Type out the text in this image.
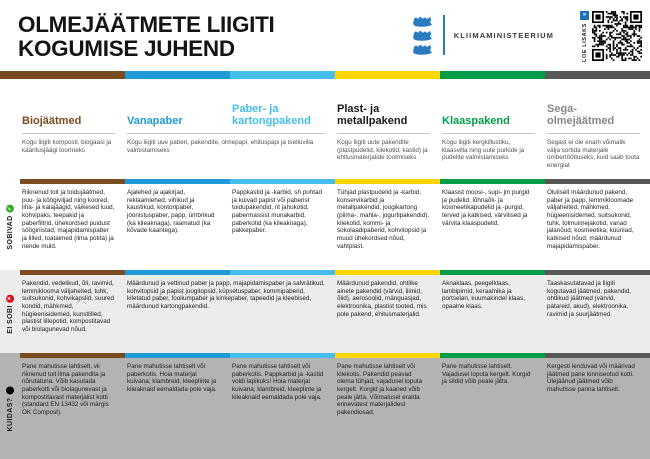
OLMEJÄÄTMETE LIIGITI
KOGUMISE JUHEND
KLIIMAMINISTEERIUM
»
LOE LISAKS
Biojäätmed	Vanapaber
Paber- ja kartongpakend
Plast- ja metallpakend	Klaaspakend
Sega- olmejäätmed
Kogu liigiti komposti, biogaasi ja kääritusjäägi toormeks
Kogu liigiti uue paberi, pakendite, olmepapi, ehituspapi ja tselluvilla valmistamiseks
Kogu liigiti uute pakendite (plastpudelid, kilekotid, kastid) ja ehitusmaterjalide tootmiseks
Kogu liigiti kergkillustiku, klaasvilla ning uute purkide ja pudelite valmistamiseks
Segast ei ole enam võimalik välja sortida materjale ümbertöötluseks, kuid saab toota energiat
SOBIVAD
✓
Riknenud toit ja toidujäätmed, puu- ja köögiviljad ning koored, liha- ja kalajäägid, väikesed luud, kohvipaks, teepakid ja paberfiltrid, ühekordsed puidust söögiriistad, majapidamispaber ja lilled, toataimed (ilma potita) ja nende muld.
Ajalehed ja ajakirjad, reklaamlehed, vihikud ja kaustikud, kontoripaber, joonistuspaber, papp, ümbrikud (ka kileaknaga), raamatud (ka kõvade kaantega).
Pappkastid ja -karbid, sh puhtad ja kuivad papist või paberist toidupakendid, nt jahukotid, pabermassist munakarbid, paberkotid (ka kileaknaga), pakkepaber.
Tühjad plastpudelid ja -karbid, konservikarbid ja metallpakendid, joogikartong (piima-, mahla-, jogurtipakendid), kilekotid, kommi- ja šokolaadipaberid, kohvitopsid ja muud ühekordsed nõud, vahtplast.
Klaasist moosi-, supi- jm purgid ja pudelid, lõhnaõli- ja kosmeetikapudelid ja -purgid, terved ja katkised, värvilised ja värvita klaaspudelid.
Oluliselt määrdunud pakend, paber ja papp, lemmikloomade väljaheited, mähkmed, hügieenisidemed, suitsukonid, tuhk, tolmuimejakotid, vanad jalanõud, kosmeetika, küünlad, katkised nõud, määrdunud majapidamispaber.
EI SOBI
✕
Pakendid, vedelikud, õli, ravimid, lemmiklooma väljaheited, tuhk, suitsukonid, kohvikapslid, suured kondid, mähkmed, hügieenisidemed, kunstlilled, plastist lillepotid, kompostitavad või biolagunevad nõud.
Määrdunud ja vettinud paber ja papp, majapidamispaber ja salvrätikud, kohvitopsid ja papist joogitopsid, küpsetuspaber, kommipaberid, kiletatud paber, fooliumpaber ja kinkepaber, tapeedid ja kleebised, määrdunud kartongpakendid.
Määrdunud pakendid, ohtlike ainete pakendid (värvid, liimid, õlid), aerosoolid, mänguasjad, elektroonika, plastist tooted, mis pole pakend, ehitusmaterjalid.
Aknaklaas, peegelklaas, lambipirnid, keraamika ja portselan, kuumakindel klaas, opaalne klaas.
Taaskasutatavad ja liigiti kogutavad jäätmed, pakendid, ohtlikud jäätmed (värvid, patareid, akud), elektroonika, ravimid ja suurjäätmed.
KUIDAS?
Pane mahutisse lahtiselt, vii riknenud toit ilma pakendita ja nõrutatuna. Võib kasutada paberkotti või biolagunevast ja kompostitavast materjalist kotti (standard EN 13432 või märgis OK Compost).
Pane mahutisse lahtiselt või paberkotis. Hoia materjal kuivana; klambreid, kleeplinte ja kileaknaid eemaldada pole vaja.
Pane mahutisse lahtiselt või paberkotis. Pappkarbid ja -kastid voldi lapikuks! Hoia materjal kuivana; klambreid, kleeplinte ja kileaknaid eemaldada pole vaja.
Pane mahutisse lahtiselt või kilekotis. Pakendid peavad olema tühjad, vajadusel loputa kergelt. Korgid ja kaaned võib peale jätta. Võimalusel eralda erinevatest materjalidest pakendiosad.
Pane mahutisse lahtiselt. Vajadusel loputa kergelt. Korgid ja sildid võib peale jätta.
Kergesti lenduvad või määrivad jäätmed pane kinniseotud kotti. Ülejäänud jäätmed võib mahutisse panna lahtiselt.
